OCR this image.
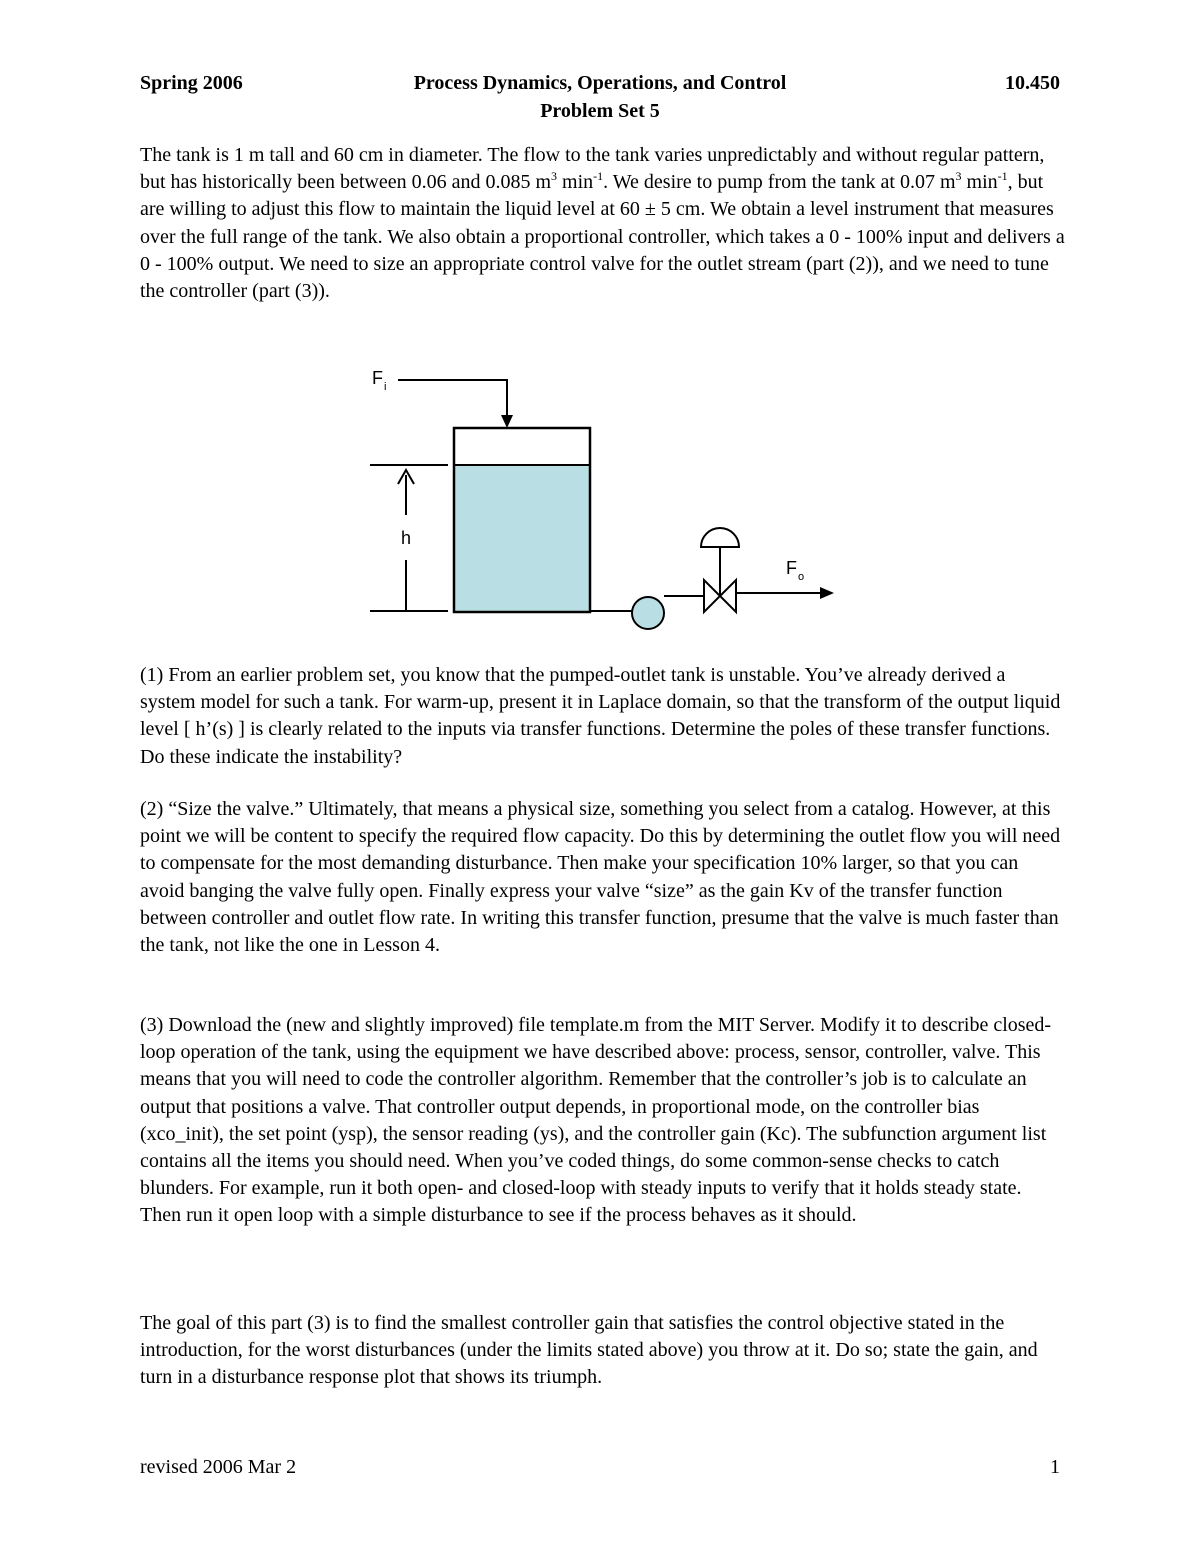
Process Dynamics, Operations, and Control
Spring 2006	10.450
Problem Set 5

The tank is 1 m tall and 60 cm in diameter. The flow to the tank varies unpredictably and without regular pattern, but has historically been between 0.06 and 0.085 $m^3$ $\min^{-1}$. We desire to pump from the tank at 0.07 $m^3$ $\min^{-1}$, but are willing to adjust this flow to maintain the liquid level at 60 ± 5 cm. We obtain a level instrument that measures over the full range of the tank. We also obtain a proportional controller, which takes a 0 - 100% input and delivers a 0 - 100% output. We need to size an appropriate control valve for the outlet stream (part (2)), and we need to tune the controller (part (3)).

F i
h
F o

(1) From an earlier problem set, you know that the pumped-outlet tank is unstable. You’ve already derived a system model for such a tank. For warm-up, present it in Laplace domain, so that the transform of the output liquid level [ h’(s) ] is clearly related to the inputs via transfer functions. Determine the poles of these transfer functions. Do these indicate the instability?

(2) “Size the valve.” Ultimately, that means a physical size, something you select from a catalog. However, at this point we will be content to specify the required flow capacity. Do this by determining the outlet flow you will need to compensate for the most demanding disturbance. Then make your specification 10% larger, so that you can avoid banging the valve fully open. Finally express your valve “size” as the gain Kv of the transfer function between controller and outlet flow rate. In writing this transfer function, presume that the valve is much faster than the tank, not like the one in Lesson 4.

(3) Download the (new and slightly improved) file template.m from the MIT Server. Modify it to describe closed-loop operation of the tank, using the equipment we have described above: process, sensor, controller, valve. This means that you will need to code the controller algorithm. Remember that the controller’s job is to calculate an output that positions a valve. That controller output depends, in proportional mode, on the controller bias (xco_init), the set point (ysp), the sensor reading (ys), and the controller gain (Kc). The subfunction argument list contains all the items you should need. When you’ve coded things, do some common-sense checks to catch blunders. For example, run it both open- and closed-loop with steady inputs to verify that it holds steady state. Then run it open loop with a simple disturbance to see if the process behaves as it should.

The goal of this part (3) is to find the smallest controller gain that satisfies the control objective stated in the introduction, for the worst disturbances (under the limits stated above) you throw at it. Do so; state the gain, and turn in a disturbance response plot that shows its triumph.

revised 2006 Mar 2	1
